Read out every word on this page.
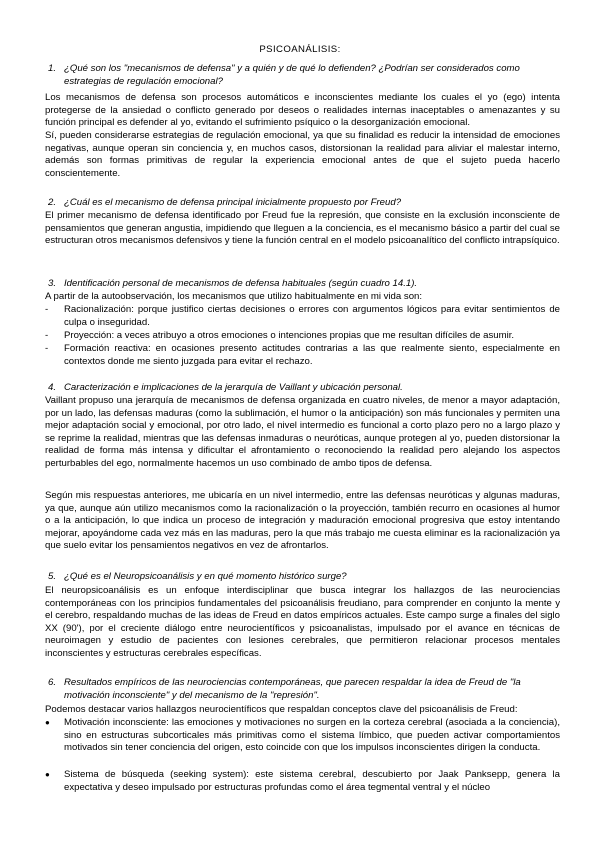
PSICOANÁLISIS:
1. ¿Qué son los "mecanismos de defensa" y a quién y de qué lo defienden? ¿Podrían ser considerados como estrategias de regulación emocional?
Los mecanismos de defensa son procesos automáticos e inconscientes mediante los cuales el yo (ego) intenta protegerse de la ansiedad o conflicto generado por deseos o realidades internas inaceptables o amenazantes y su función principal es defender al yo, evitando el sufrimiento psíquico o la desorganización emocional.
Sí, pueden considerarse estrategias de regulación emocional, ya que su finalidad es reducir la intensidad de emociones negativas, aunque operan sin conciencia y, en muchos casos, distorsionan la realidad para aliviar el malestar interno, además son formas primitivas de regular la experiencia emocional antes de que el sujeto pueda hacerlo conscientemente.
2. ¿Cuál es el mecanismo de defensa principal inicialmente propuesto por Freud?
El primer mecanismo de defensa identificado por Freud fue la represión, que consiste en la exclusión inconsciente de pensamientos que generan angustia, impidiendo que lleguen a la conciencia, es el mecanismo básico a partir del cual se estructuran otros mecanismos defensivos y tiene la función central en el modelo psicoanalítico del conflicto intrapsíquico.
3. Identificación personal de mecanismos de defensa habituales (según cuadro 14.1).
A partir de la autoobservación, los mecanismos que utilizo habitualmente en mi vida son:
- Racionalización: porque justifico ciertas decisiones o errores con argumentos lógicos para evitar sentimientos de culpa o inseguridad.
- Proyección: a veces atribuyo a otros emociones o intenciones propias que me resultan difíciles de asumir.
- Formación reactiva: en ocasiones presento actitudes contrarias a las que realmente siento, especialmente en contextos donde me siento juzgada para evitar el rechazo.
4. Caracterización e implicaciones de la jerarquía de Vaillant y ubicación personal.
Vaillant propuso una jerarquía de mecanismos de defensa organizada en cuatro niveles, de menor a mayor adaptación, por un lado, las defensas maduras (como la sublimación, el humor o la anticipación) son más funcionales y permiten una mejor adaptación social y emocional, por otro lado, el nivel intermedio es funcional a corto plazo pero no a largo plazo y se reprime la realidad, mientras que las defensas inmaduras o neuróticas, aunque protegen al yo, pueden distorsionar la realidad de forma más intensa y dificultar el afrontamiento o reconociendo la realidad pero alejando los aspectos perturbables del ego, normalmente hacemos un uso combinado de ambo tipos de defensa.
Según mis respuestas anteriores, me ubicaría en un nivel intermedio, entre las defensas neuróticas y algunas maduras, ya que, aunque aún utilizo mecanismos como la racionalización o la proyección, también recurro en ocasiones al humor o a la anticipación, lo que indica un proceso de integración y maduración emocional progresiva que estoy intentando mejorar, apoyándome cada vez más en las maduras, pero la que más trabajo me cuesta eliminar es la racionalización ya que suelo evitar los pensamientos negativos en vez de afrontarlos.
5. ¿Qué es el Neuropsicoanálisis y en qué momento histórico surge?
El neuropsicoanálisis es un enfoque interdisciplinar que busca integrar los hallazgos de las neurociencias contemporáneas con los principios fundamentales del psicoanálisis freudiano, para comprender en conjunto la mente y el cerebro, respaldando muchas de las ideas de Freud en datos empíricos actuales. Este campo surge a finales del siglo XX (90'), por el creciente diálogo entre neurocientíficos y psicoanalistas, impulsado por el avance en técnicas de neuroimagen y estudio de pacientes con lesiones cerebrales, que permitieron relacionar procesos mentales inconscientes y estructuras cerebrales específicas.
6. Resultados empíricos de las neurociencias contemporáneas, que parecen respaldar la idea de Freud de "la motivación inconsciente" y del mecanismo de la "represión".
Podemos destacar varios hallazgos neurocientíficos que respaldan conceptos clave del psicoanálisis de Freud:
● Motivación inconsciente: las emociones y motivaciones no surgen en la corteza cerebral (asociada a la conciencia), sino en estructuras subcorticales más primitivas como el sistema límbico, que pueden activar comportamientos motivados sin tener conciencia del origen, esto coincide con que los impulsos inconscientes dirigen la conducta.
● Sistema de búsqueda (seeking system): este sistema cerebral, descubierto por Jaak Panksepp, genera la expectativa y deseo impulsado por estructuras profundas como el área tegmental ventral y el núcleo
